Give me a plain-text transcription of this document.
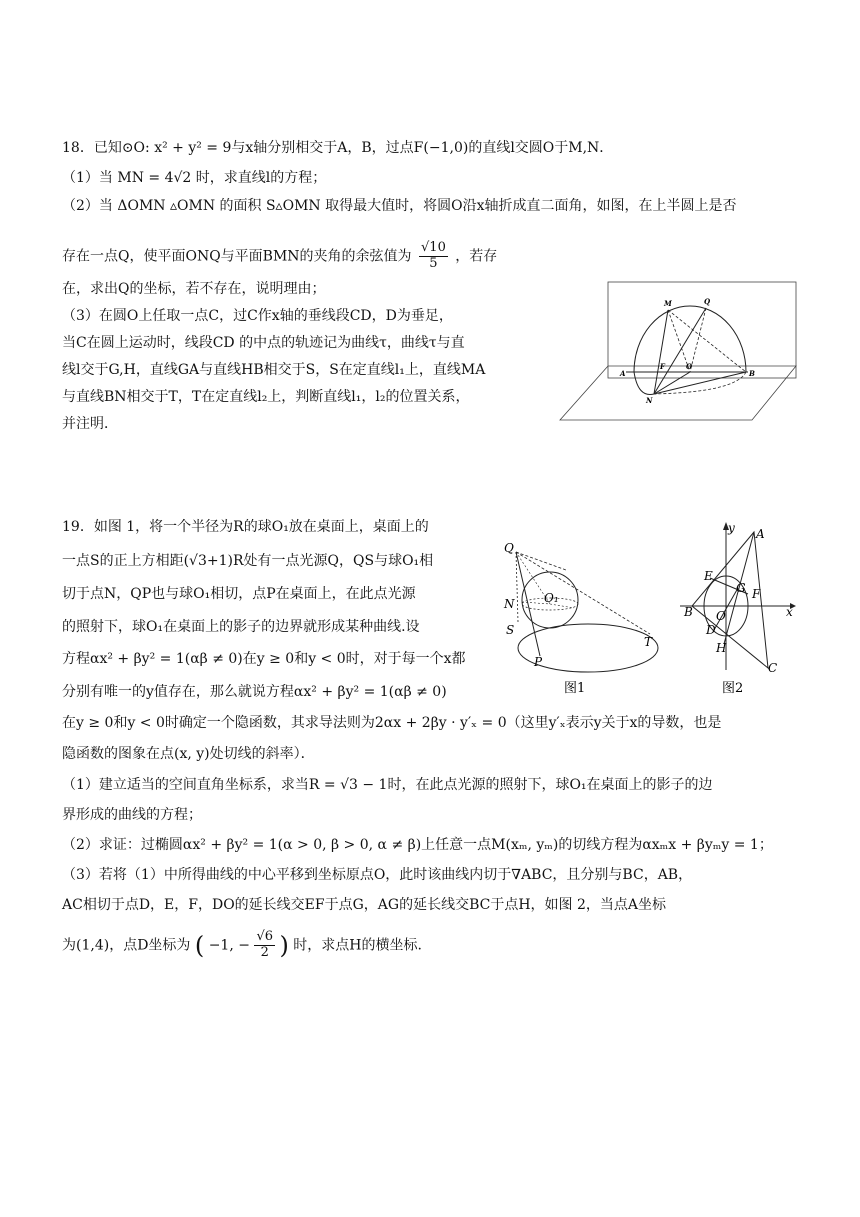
18．已知⊙O: x² + y² = 9与x轴分别相交于A，B，过点F(−1,0)的直线l交圆O于M,N．
（1）当 MN = 4√2 时，求直线l的方程；
（2）当 ΔOMN ▵OMN 的面积 S▵OMN 取得最大值时，将圆O沿x轴折成直二面角，如图，在上半圆上是否
存在一点Q，使平面ONQ与平面BMN的夹角的余弦值为 $\frac{√10}{5}$ ，若存
在，求出Q的坐标，若不存在，说明理由；
（3）在圆O上任取一点C，过C作x轴的垂线段CD，D为垂足，
当C在圆上运动时，线段CD 的中点的轨迹记为曲线τ，曲线τ与直
线l交于G,H，直线GA与直线HB相交于S，S在定直线l₁上，直线MA
与直线BN相交于T，T在定直线l₂上，判断直线l₁，l₂的位置关系，
并注明．
M	Q
A
F	O
B
N
19．如图 1，将一个半径为R的球O₁放在桌面上，桌面上的
一点S的正上方相距(√3+1)R处有一点光源Q，QS与球O₁相
切于点N，QP也与球O₁相切，点P在桌面上，在此点光源
的照射下，球O₁在桌面上的影子的边界就形成某种曲线.设
方程αx² + βy² = 1(αβ ≠ 0)在y ≥ 0和y < 0时，对于每一个x都
分别有唯一的y值存在，那么就说方程αx² + βy² = 1(αβ ≠ 0)
在y ≥ 0和y < 0时确定一个隐函数，其求导法则为2αx + 2βy · y′ₓ = 0（这里y′ₓ表示y关于x的导数，也是
隐函数的图象在点(x, y)处切线的斜率）．
（1）建立适当的空间直角坐标系，求当R = √3 − 1时，在此点光源的照射下，球O₁在桌面上的影子的边
界形成的曲线的方程；
（2）求证：过椭圆αx² + βy² = 1(α > 0, β > 0, α ≠ β)上任意一点M(xₘ, yₘ)的切线方程为αxₘx + βyₘy = 1；
（3）若将（1）中所得曲线的中心平移到坐标原点O，此时该曲线内切于∇ABC，且分别与BC，AB，
AC相切于点D，E，F，DO的延长线交EF于点G，AG的延长线交BC于点H，如图 2，当点A坐标
为(1,4)，点D坐标为 ( −1, − $\frac{√6}{2}$ ) 时，求点H的横坐标.
Q
N O₁
S
P
T
图1
y A
E
G F
B O	x
D
H
C
图2
